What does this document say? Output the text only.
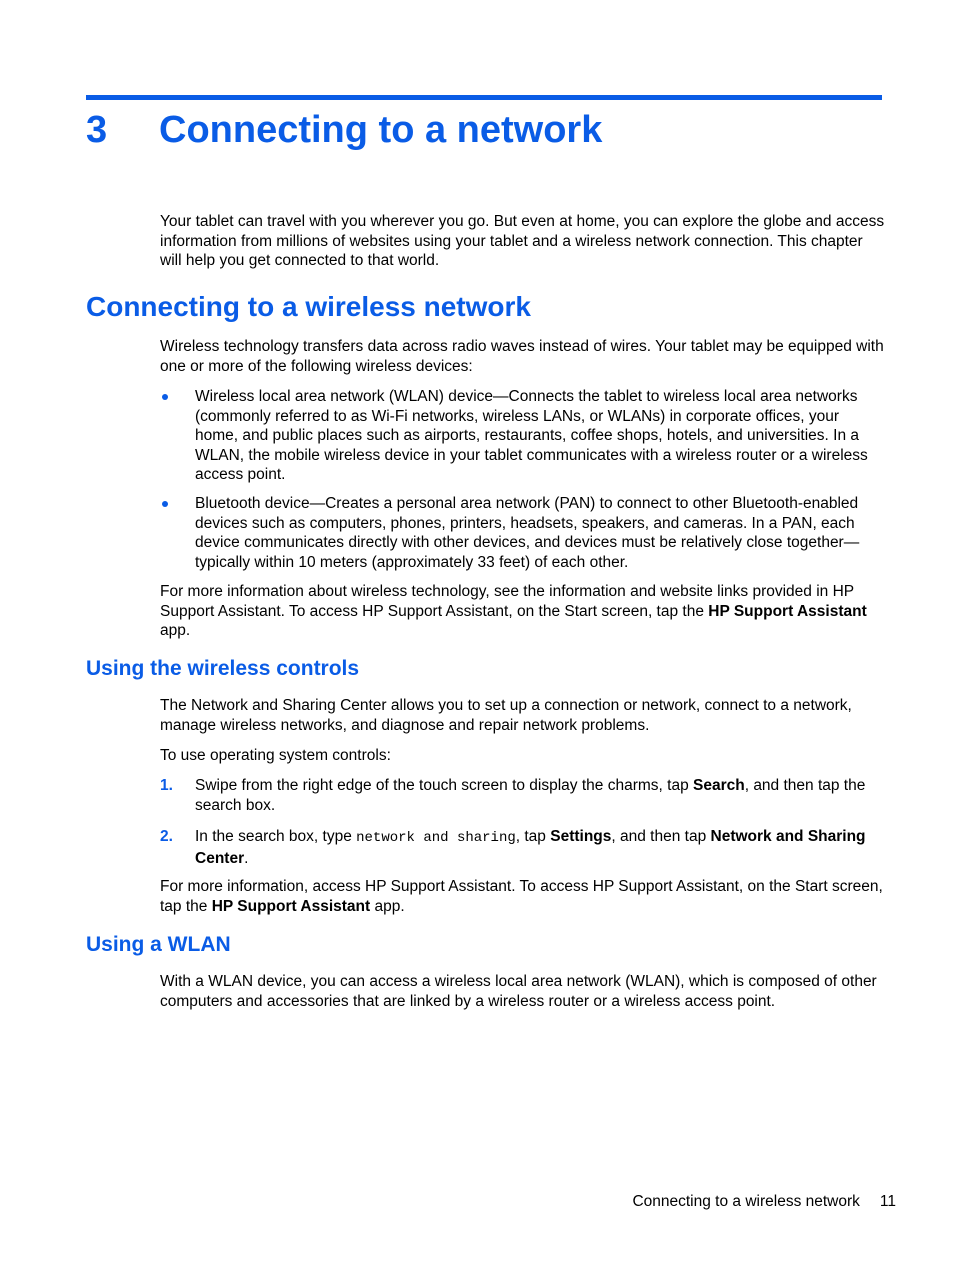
3 Connecting to a network

Your tablet can travel with you wherever you go. But even at home, you can explore the globe and access information from millions of websites using your tablet and a wireless network connection. This chapter will help you get connected to that world.

Connecting to a wireless network

Wireless technology transfers data across radio waves instead of wires. Your tablet may be equipped with one or more of the following wireless devices:

Wireless local area network (WLAN) device—Connects the tablet to wireless local area networks (commonly referred to as Wi-Fi networks, wireless LANs, or WLANs) in corporate offices, your home, and public places such as airports, restaurants, coffee shops, hotels, and universities. In a WLAN, the mobile wireless device in your tablet communicates with a wireless router or a wireless access point.

Bluetooth device—Creates a personal area network (PAN) to connect to other Bluetooth-enabled devices such as computers, phones, printers, headsets, speakers, and cameras. In a PAN, each device communicates directly with other devices, and devices must be relatively close together—typically within 10 meters (approximately 33 feet) of each other.

For more information about wireless technology, see the information and website links provided in HP Support Assistant. To access HP Support Assistant, on the Start screen, tap the HP Support Assistant app.

Using the wireless controls

The Network and Sharing Center allows you to set up a connection or network, connect to a network, manage wireless networks, and diagnose and repair network problems.

To use operating system controls:

1. Swipe from the right edge of the touch screen to display the charms, tap Search, and then tap the search box.

2. In the search box, type network and sharing, tap Settings, and then tap Network and Sharing Center.

For more information, access HP Support Assistant. To access HP Support Assistant, on the Start screen, tap the HP Support Assistant app.

Using a WLAN

With a WLAN device, you can access a wireless local area network (WLAN), which is composed of other computers and accessories that are linked by a wireless router or a wireless access point.

Connecting to a wireless network 11
